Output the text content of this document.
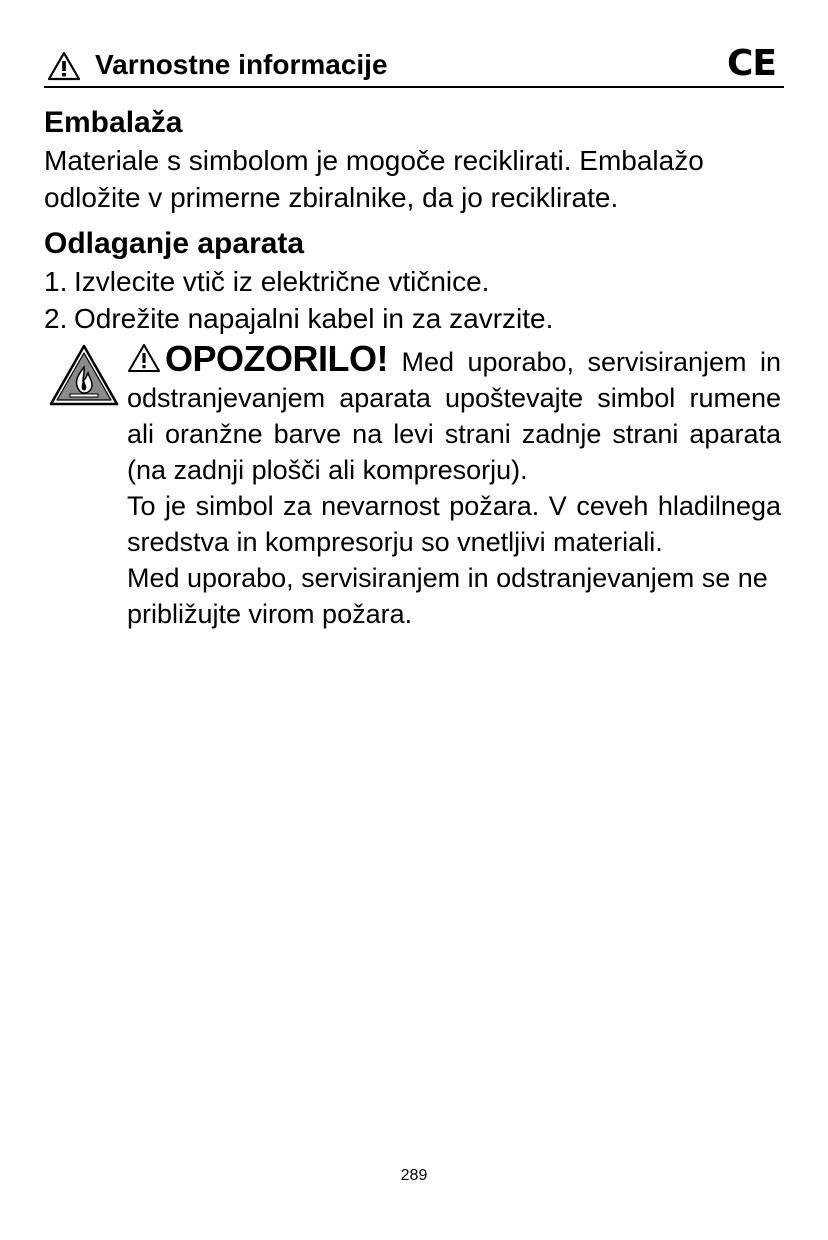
Varnostne informacije	CE
Embalaža

Materiale s simbolom je mogoče reciklirati. Embalažo odložite v primerne zbiralnike, da jo reciklirate.

Odlaganje aparata
1. Izvlecite vtič iz električne vtičnice.
2. Odrežite napajalni kabel in za zavrzite.

OPOZORILO! Med uporabo, servisiranjem in odstranjevanjem aparata upoštevajte simbol rumene ali oranžne barve na levi strani zadnje strani aparata (na zadnji plošči ali kompresorju).

To je simbol za nevarnost požara. V ceveh hladilnega sredstva in kompresorju so vnetljivi materiali.

Med uporabo, servisiranjem in odstranjevanjem se ne približujte virom požara.

289
